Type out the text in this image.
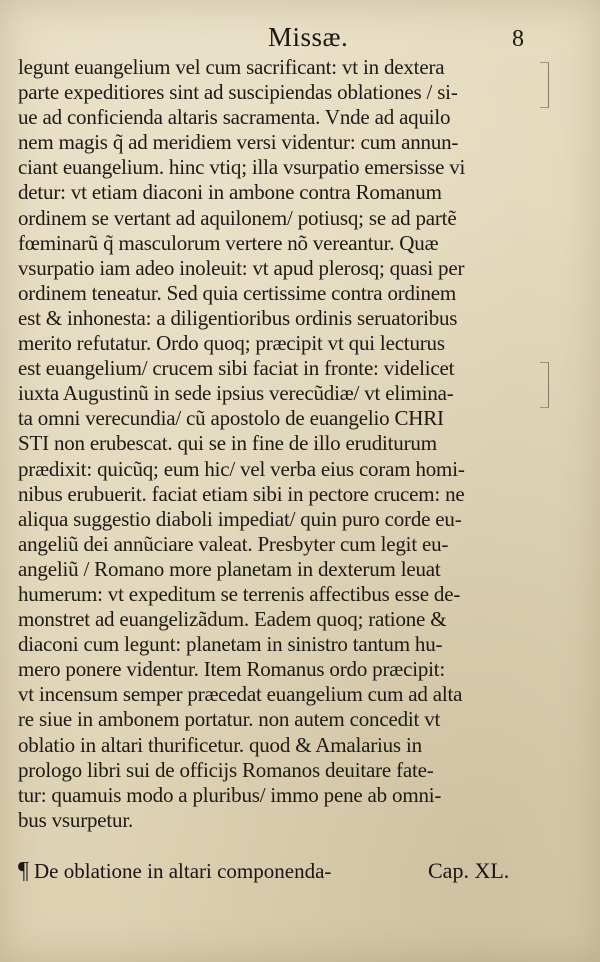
Missæ.	8
legunt euangelium vel cum sacrificant: vt in dextera
parte expeditiores sint ad suscipiendas oblationes / si-
ue ad conficienda altaris sacramenta. Vnde ad aquilo
nem magis q̃ ad meridiem versi videntur: cum annun-
ciant euangelium. hinc vtiq; illa vsurpatio emersisse vi
detur: vt etiam diaconi in ambone contra Romanum
ordinem se vertant ad aquilonem/ potiusq; se ad partẽ
fœminarũ q̃ masculorum vertere nõ vereantur. Quæ
vsurpatio iam adeo inoleuit: vt apud plerosq; quasi per
ordinem teneatur. Sed quia certissime contra ordinem
est & inhonesta: a diligentioribus ordinis seruatoribus
merito refutatur. Ordo quoq; præcipit vt qui lecturus
est euangelium/ crucem sibi faciat in fronte: videlicet
iuxta Augustinũ in sede ipsius verecũdiæ/ vt elimina-
ta omni verecundia/ cũ apostolo de euangelio CHRI
STI non erubescat. qui se in fine de illo eruditurum
prædixit: quicũq; eum hic/ vel verba eius coram homi-
nibus erubuerit. faciat etiam sibi in pectore crucem: ne
aliqua suggestio diaboli impediat/ quin puro corde eu-
angeliũ dei annũciare valeat. Presbyter cum legit eu-
angeliũ / Romano more planetam in dexterum leuat
humerum: vt expeditum se terrenis affectibus esse de-
monstret ad euangelizãdum. Eadem quoq; ratione &
diaconi cum legunt: planetam in sinistro tantum hu-
mero ponere videntur. Item Romanus ordo præcipit:
vt incensum semper præcedat euangelium cum ad alta
re siue in ambonem portatur. non autem concedit vt
oblatio in altari thurificetur. quod & Amalarius in
prologo libri sui de officijs Romanos deuitare fate-
tur: quamuis modo a pluribus/ immo pene ab omni-
bus vsurpetur.
¶ De oblatione in altari componenda-	Cap. XL.
